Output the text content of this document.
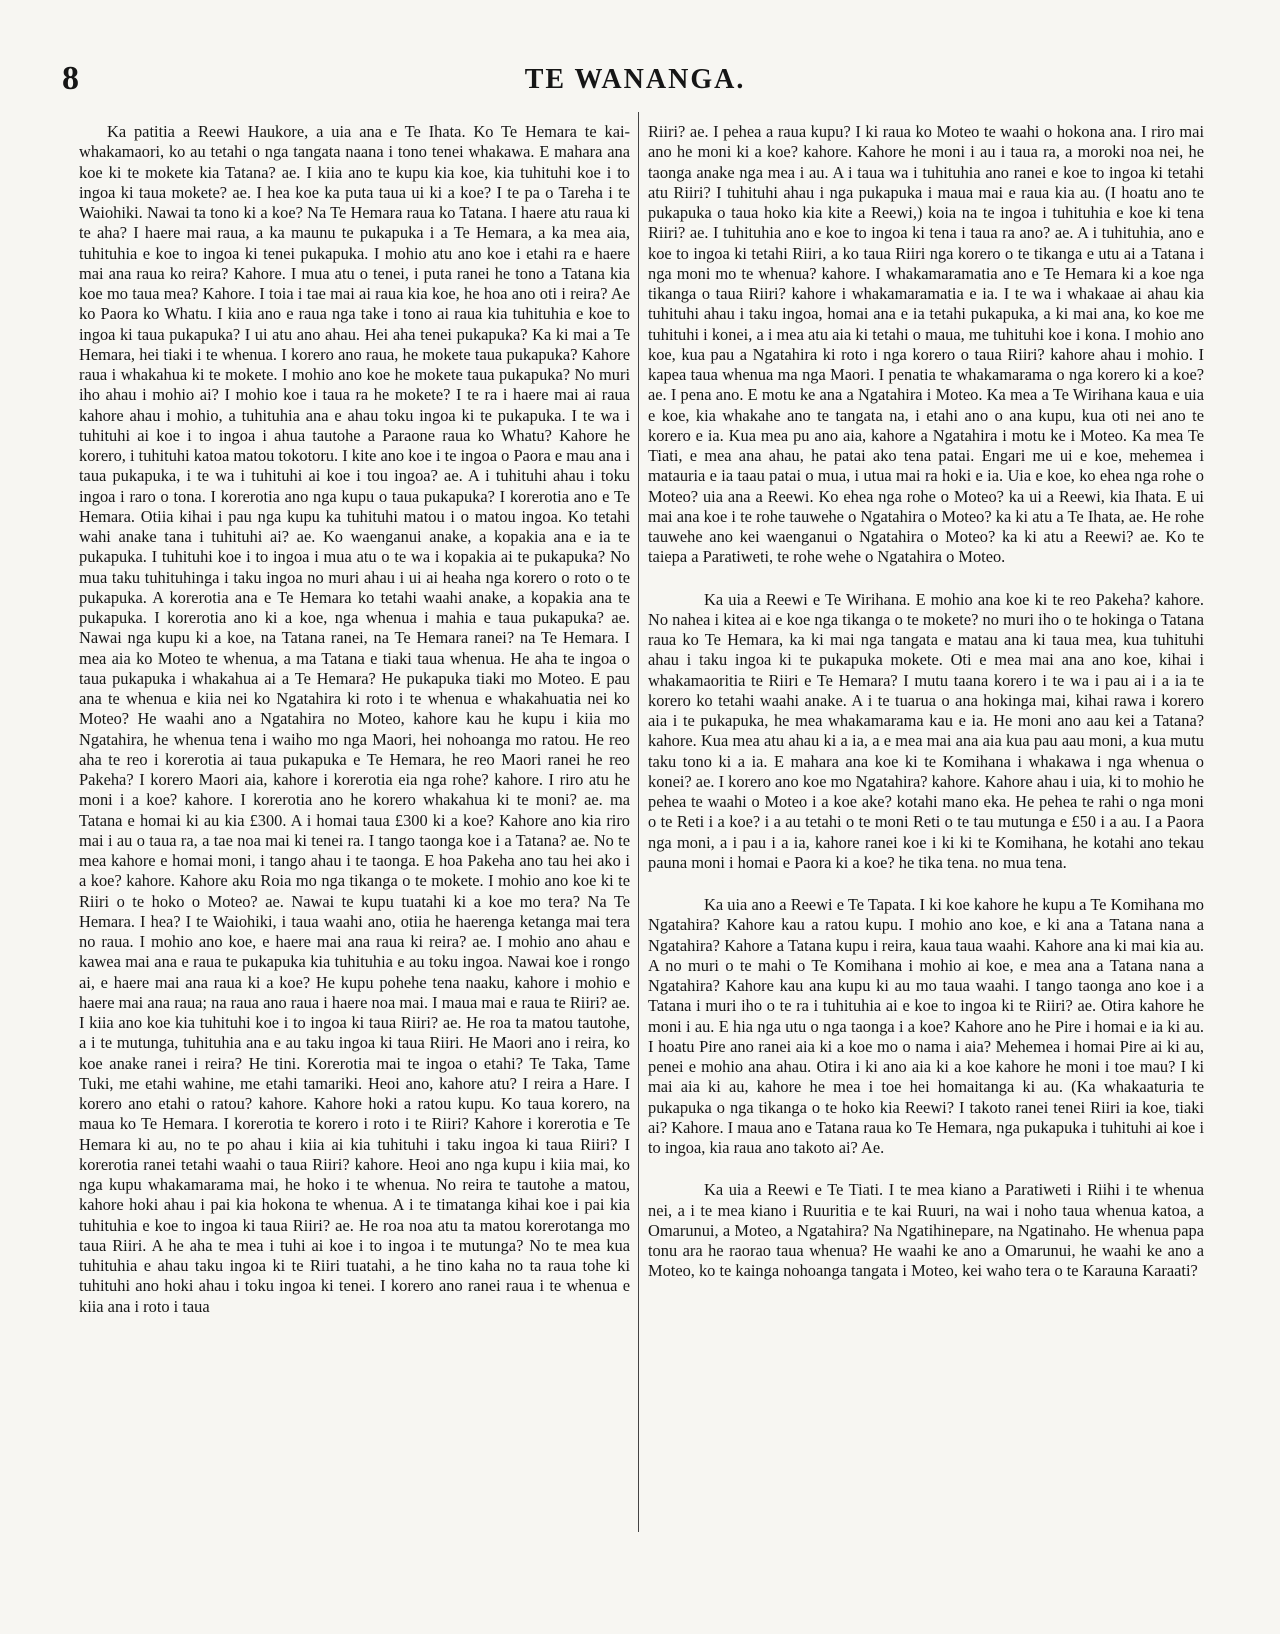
8	TE WANANGA.

Ka patitia a Reewi Haukore, a uia ana e Te Ihata. Ko Te Hemara te kai-whakamaori, ko au tetahi o nga tangata naana i tono tenei whakawa. E mahara ana koe ki te mokete kia Tatana? ae. I kiia ano te kupu kia koe, kia tuhituhi koe i to ingoa ki taua mokete? ae. I hea koe ka puta taua ui ki a koe? I te pa o Tareha i te Waiohiki. Nawai ta tono ki a koe? Na Te Hemara raua ko Tatana. I haere atu raua ki te aha? I haere mai raua, a ka maunu te pukapuka i a Te Hemara, a ka mea aia, tuhituhia e koe to ingoa ki tenei pukapuka. I mohio atu ano koe i etahi ra e haere mai ana raua ko reira? Kahore. I mua atu o tenei, i puta ranei he tono a Tatana kia koe mo taua mea? Kahore. I toia i tae mai ai raua kia koe, he hoa ano oti i reira? Ae ko Paora ko Whatu. I kiia ano e raua nga take i tono ai raua kia tuhituhia e koe to ingoa ki taua pukapuka? I ui atu ano ahau. Hei aha tenei pukapuka? Ka ki mai a Te Hemara, hei tiaki i te whenua. I korero ano raua, he mokete taua pukapuka? Kahore raua i whakahua ki te mokete. I mohio ano koe he mokete taua pukapuka? No muri iho ahau i mohio ai? I mohio koe i taua ra he mokete? I te ra i haere mai ai raua kahore ahau i mohio, a tuhituhia ana e ahau toku ingoa ki te pukapuka. I te wa i tuhituhi ai koe i to ingoa i ahua tautohe a Paraone raua ko Whatu? Kahore he korero, i tuhituhi katoa matou tokotoru. I kite ano koe i te ingoa o Paora e mau ana i taua pukapuka, i te wa i tuhituhi ai koe i tou ingoa? ae. A i tuhituhi ahau i toku ingoa i raro o tona. I korerotia ano nga kupu o taua pukapuka? I korerotia ano e Te Hemara. Otiia kihai i pau nga kupu ka tuhituhi matou i o matou ingoa. Ko tetahi wahi anake tana i tuhituhi ai? ae. Ko waenganui anake, a kopakia ana e ia te pukapuka. I tuhituhi koe i to ingoa i mua atu o te wa i kopakia ai te pukapuka? No mua taku tuhituhinga i taku ingoa no muri ahau i ui ai heaha nga korero o roto o te pukapuka. A korerotia ana e Te Hemara ko tetahi waahi anake, a kopakia ana te pukapuka. I korerotia ano ki a koe, nga whenua i mahia e taua pukapuka? ae. Nawai nga kupu ki a koe, na Tatana ranei, na Te Hemara ranei? na Te Hemara. I mea aia ko Moteo te whenua, a ma Tatana e tiaki taua whenua. He aha te ingoa o taua pukapuka i whakahua ai a Te Hemara? He pukapuka tiaki mo Moteo. E pau ana te whenua e kiia nei ko Ngatahira ki roto i te whenua e whakahuatia nei ko Moteo? He waahi ano a Ngatahira no Moteo, kahore kau he kupu i kiia mo Ngatahira, he whenua tena i waiho mo nga Maori, hei nohoanga mo ratou. He reo aha te reo i korerotia ai taua pukapuka e Te Hemara, he reo Maori ranei he reo Pakeha? I korero Maori aia, kahore i korerotia eia nga rohe? kahore. I riro atu he moni i a koe? kahore. I korerotia ano he korero whakahua ki te moni? ae. ma Tatana e homai ki au kia £300. A i homai taua £300 ki a koe? Kahore ano kia riro mai i au o taua ra, a tae noa mai ki tenei ra. I tango taonga koe i a Tatana? ae. No te mea kahore e homai moni, i tango ahau i te taonga. E hoa Pakeha ano tau hei ako i a koe? kahore. Kahore aku Roia mo nga tikanga o te mokete. I mohio ano koe ki te Riiri o te hoko o Moteo? ae. Nawai te kupu tuatahi ki a koe mo tera? Na Te Hemara. I hea? I te Waiohiki, i taua waahi ano, otiia he haerenga ketanga mai tera no raua. I mohio ano koe, e haere mai ana raua ki reira? ae. I mohio ano ahau e kawea mai ana e raua te pukapuka kia tuhituhia e au toku ingoa. Nawai koe i rongo ai, e haere mai ana raua ki a koe? He kupu pohehe tena naaku, kahore i mohio e haere mai ana raua; na raua ano raua i haere noa mai. I maua mai e raua te Riiri? ae. I kiia ano koe kia tuhituhi koe i to ingoa ki taua Riiri? ae. He roa ta matou tautohe, a i te mutunga, tuhituhia ana e au taku ingoa ki taua Riiri. He Maori ano i reira, ko koe anake ranei i reira? He tini. Korerotia mai te ingoa o etahi? Te Taka, Tame Tuki, me etahi wahine, me etahi tamariki. Heoi ano, kahore atu? I reira a Hare. I korero ano etahi o ratou? kahore. Kahore hoki a ratou kupu. Ko taua korero, na maua ko Te Hemara. I korerotia te korero i roto i te Riiri? Kahore i korerotia e Te Hemara ki au, no te po ahau i kiia ai kia tuhituhi i taku ingoa ki taua Riiri? I korerotia ranei tetahi waahi o taua Riiri? kahore. Heoi ano nga kupu i kiia mai, ko nga kupu whakamarama mai, he hoko i te whenua. No reira te tautohe a matou, kahore hoki ahau i pai kia hokona te whenua. A i te timatanga kihai koe i pai kia tuhituhia e koe to ingoa ki taua Riiri? ae. He roa noa atu ta matou korerotanga mo taua Riiri. A he aha te mea i tuhi ai koe i to ingoa i te mutunga? No te mea kua tuhituhia e ahau taku ingoa ki te Riiri tuatahi, a he tino kaha no ta raua tohe ki tuhituhi ano hoki ahau i toku ingoa ki tenei. I korero ano ranei raua i te whenua e kiia ana i roto i taua

Riiri? ae. I pehea a raua kupu? I ki raua ko Moteo te waahi o hokona ana. I riro mai ano he moni ki a koe? kahore. Kahore he moni i au i taua ra, a moroki noa nei, he taonga anake nga mea i au. A i taua wa i tuhituhia ano ranei e koe to ingoa ki tetahi atu Riiri? I tuhituhi ahau i nga pukapuka i maua mai e raua kia au. (I hoatu ano te pukapuka o taua hoko kia kite a Reewi,) koia na te ingoa i tuhituhia e koe ki tena Riiri? ae. I tuhituhia ano e koe to ingoa ki tena i taua ra ano? ae. A i tuhituhia, ano e koe to ingoa ki tetahi Riiri, a ko taua Riiri nga korero o te tikanga e utu ai a Tatana i nga moni mo te whenua? kahore. I whakamaramatia ano e Te Hemara ki a koe nga tikanga o taua Riiri? kahore i whakamaramatia e ia. I te wa i whakaae ai ahau kia tuhituhi ahau i taku ingoa, homai ana e ia tetahi pukapuka, a ki mai ana, ko koe me tuhituhi i konei, a i mea atu aia ki tetahi o maua, me tuhituhi koe i kona. I mohio ano koe, kua pau a Ngatahira ki roto i nga korero o taua Riiri? kahore ahau i mohio. I kapea taua whenua ma nga Maori. I penatia te whakamarama o nga korero ki a koe? ae. I pena ano. E motu ke ana a Ngatahira i Moteo. Ka mea a Te Wirihana kaua e uia e koe, kia whakahe ano te tangata na, i etahi ano o ana kupu, kua oti nei ano te korero e ia. Kua mea pu ano aia, kahore a Ngatahira i motu ke i Moteo. Ka mea Te Tiati, e mea ana ahau, he patai ako tena patai. Engari me ui e koe, mehemea i matauria e ia taau patai o mua, i utua mai ra hoki e ia. Uia e koe, ko ehea nga rohe o Moteo? uia ana a Reewi. Ko ehea nga rohe o Moteo? ka ui a Reewi, kia Ihata. E ui mai ana koe i te rohe tauwehe o Ngatahira o Moteo? ka ki atu a Te Ihata, ae. He rohe tauwehe ano kei waenganui o Ngatahira o Moteo? ka ki atu a Reewi? ae. Ko te taiepa a Paratiweti, te rohe wehe o Ngatahira o Moteo.

Ka uia a Reewi e Te Wirihana. E mohio ana koe ki te reo Pakeha? kahore. No nahea i kitea ai e koe nga tikanga o te mokete? no muri iho o te hokinga o Tatana raua ko Te Hemara, ka ki mai nga tangata e matau ana ki taua mea, kua tuhituhi ahau i taku ingoa ki te pukapuka mokete. Oti e mea mai ana ano koe, kihai i whakamaoritia te Riiri e Te Hemara? I mutu taana korero i te wa i pau ai i a ia te korero ko tetahi waahi anake. A i te tuarua o ana hokinga mai, kihai rawa i korero aia i te pukapuka, he mea whakamarama kau e ia. He moni ano aau kei a Tatana? kahore. Kua mea atu ahau ki a ia, a e mea mai ana aia kua pau aau moni, a kua mutu taku tono ki a ia. E mahara ana koe ki te Komihana i whakawa i nga whenua o konei? ae. I korero ano koe mo Ngatahira? kahore. Kahore ahau i uia, ki to mohio he pehea te waahi o Moteo i a koe ake? kotahi mano eka. He pehea te rahi o nga moni o te Reti i a koe? i a au tetahi o te moni Reti o te tau mutunga e £50 i a au. I a Paora nga moni, a i pau i a ia, kahore ranei koe i ki ki te Komihana, he kotahi ano tekau pauna moni i homai e Paora ki a koe? he tika tena. no mua tena.

Ka uia ano a Reewi e Te Tapata. I ki koe kahore he kupu a Te Komihana mo Ngatahira? Kahore kau a ratou kupu. I mohio ano koe, e ki ana a Tatana nana a Ngatahira? Kahore a Tatana kupu i reira, kaua taua waahi. Kahore ana ki mai kia au. A no muri o te mahi o Te Komihana i mohio ai koe, e mea ana a Tatana nana a Ngatahira? Kahore kau ana kupu ki au mo taua waahi. I tango taonga ano koe i a Tatana i muri iho o te ra i tuhituhia ai e koe to ingoa ki te Riiri? ae. Otira kahore he moni i au. E hia nga utu o nga taonga i a koe? Kahore ano he Pire i homai e ia ki au. I hoatu Pire ano ranei aia ki a koe mo o nama i aia? Mehemea i homai Pire ai ki au, penei e mohio ana ahau. Otira i ki ano aia ki a koe kahore he moni i toe mau? I ki mai aia ki au, kahore he mea i toe hei homaitanga ki au. (Ka whakaaturia te pukapuka o nga tikanga o te hoko kia Reewi? I takoto ranei tenei Riiri ia koe, tiaki ai? Kahore. I maua ano e Tatana raua ko Te Hemara, nga pukapuka i tuhituhi ai koe i to ingoa, kia raua ano takoto ai? Ae.

Ka uia a Reewi e Te Tiati. I te mea kiano a Paratiweti i Riihi i te whenua nei, a i te mea kiano i Ruuritia e te kai Ruuri, na wai i noho taua whenua katoa, a Omarunui, a Moteo, a Ngatahira? Na Ngatihinepare, na Ngatinaho. He whenua papa tonu ara he raorao taua whenua? He waahi ke ano a Omarunui, he waahi ke ano a Moteo, ko te kainga nohoanga tangata i Moteo, kei waho tera o te Karauna Karaati?
